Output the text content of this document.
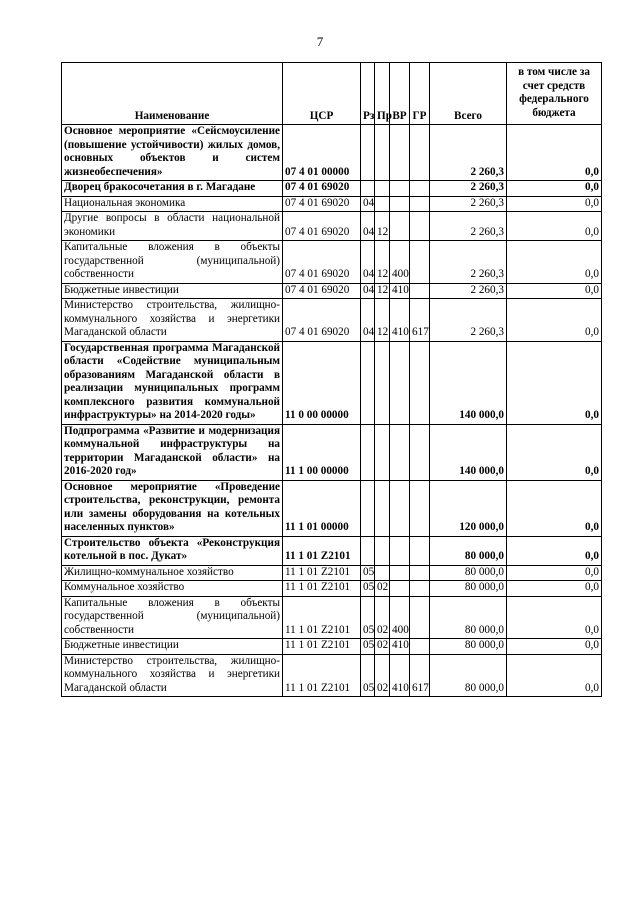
7
Наименование	ЦСР	Рз	Пр	ВР	ГР	Всего	в том числе за счет средств федерального бюджета
Основное мероприятие «Сейсмоусиление (повышение устойчивости) жилых домов, основных объектов и систем жизнеобеспечения»	07 4 01 00000					2 260,3	0,0
Дворец бракосочетания в г. Магадане	07 4 01 69020					2 260,3	0,0
Национальная экономика	07 4 01 69020	04				2 260,3	0,0
Другие вопросы в области национальной экономики	07 4 01 69020	04	12			2 260,3	0,0
Капитальные вложения в объекты государственной (муниципальной) собственности	07 4 01 69020	04	12	400		2 260,3	0,0
Бюджетные инвестиции	07 4 01 69020	04	12	410		2 260,3	0,0
Министерство строительства, жилищно-коммунального хозяйства и энергетики Магаданской области	07 4 01 69020	04	12	410	617	2 260,3	0,0
Государственная программа Магаданской области «Содействие муниципальным образованиям Магаданской области в реализации муниципальных программ комплексного развития коммунальной инфраструктуры» на 2014-2020 годы»	11 0 00 00000					140 000,0	0,0
Подпрограмма «Развитие и модернизация коммунальной инфраструктуры на территории Магаданской области» на 2016-2020 год»	11 1 00 00000					140 000,0	0,0
Основное мероприятие «Проведение строительства, реконструкции, ремонта или замены оборудования на котельных населенных пунктов»	11 1 01 00000					120 000,0	0,0
Строительство объекта «Реконструкция котельной в пос. Дукат»	11 1 01 Z2101					80 000,0	0,0
Жилищно-коммунальное хозяйство	11 1 01 Z2101	05				80 000,0	0,0
Коммунальное хозяйство	11 1 01 Z2101	05	02			80 000,0	0,0
Капитальные вложения в объекты государственной (муниципальной) собственности	11 1 01 Z2101	05	02	400		80 000,0	0,0
Бюджетные инвестиции	11 1 01 Z2101	05	02	410		80 000,0	0,0
Министерство строительства, жилищно-коммунального хозяйства и энергетики Магаданской области	11 1 01 Z2101	05	02	410	617	80 000,0	0,0
